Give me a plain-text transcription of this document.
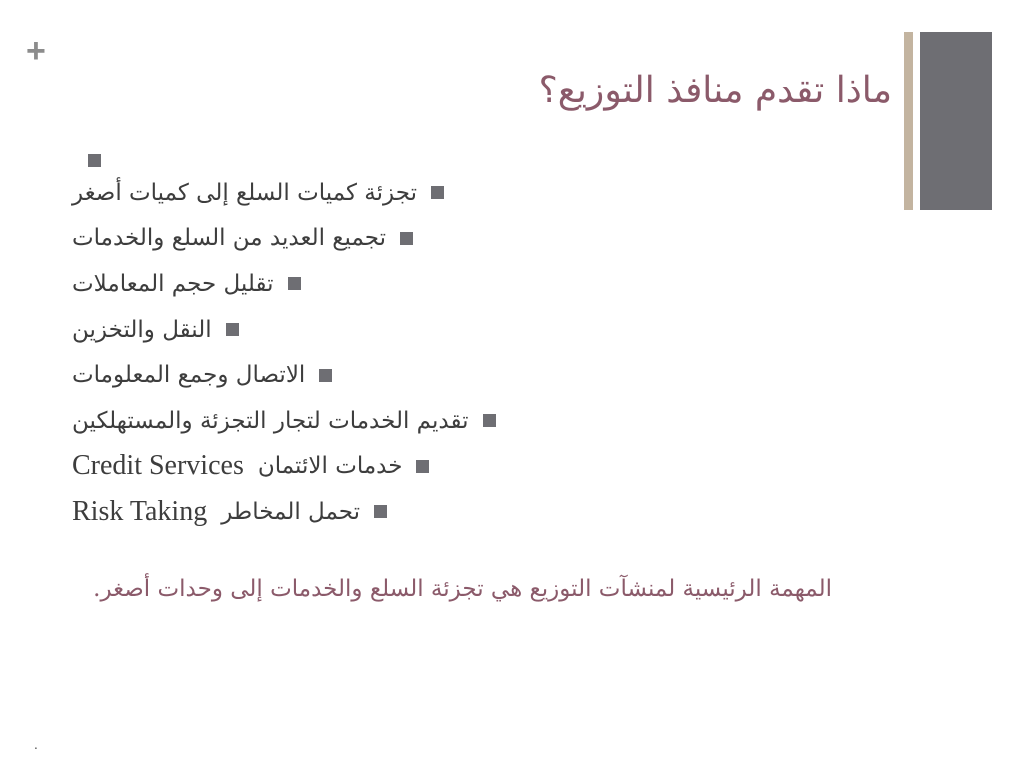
+
ماذا تقدم منافذ التوزيع؟
تجزئة كميات السلع إلى كميات أصغر
تجميع العديد من السلع والخدمات
تقليل حجم المعاملات
النقل والتخزين
الاتصال وجمع المعلومات
تقديم الخدمات لتجار التجزئة والمستهلكين
Credit Services خدمات الائتمان
Risk Taking تحمل المخاطر
المهمة الرئيسية لمنشآت التوزيع هي تجزئة السلع والخدمات إلى وحدات أصغر.
.
